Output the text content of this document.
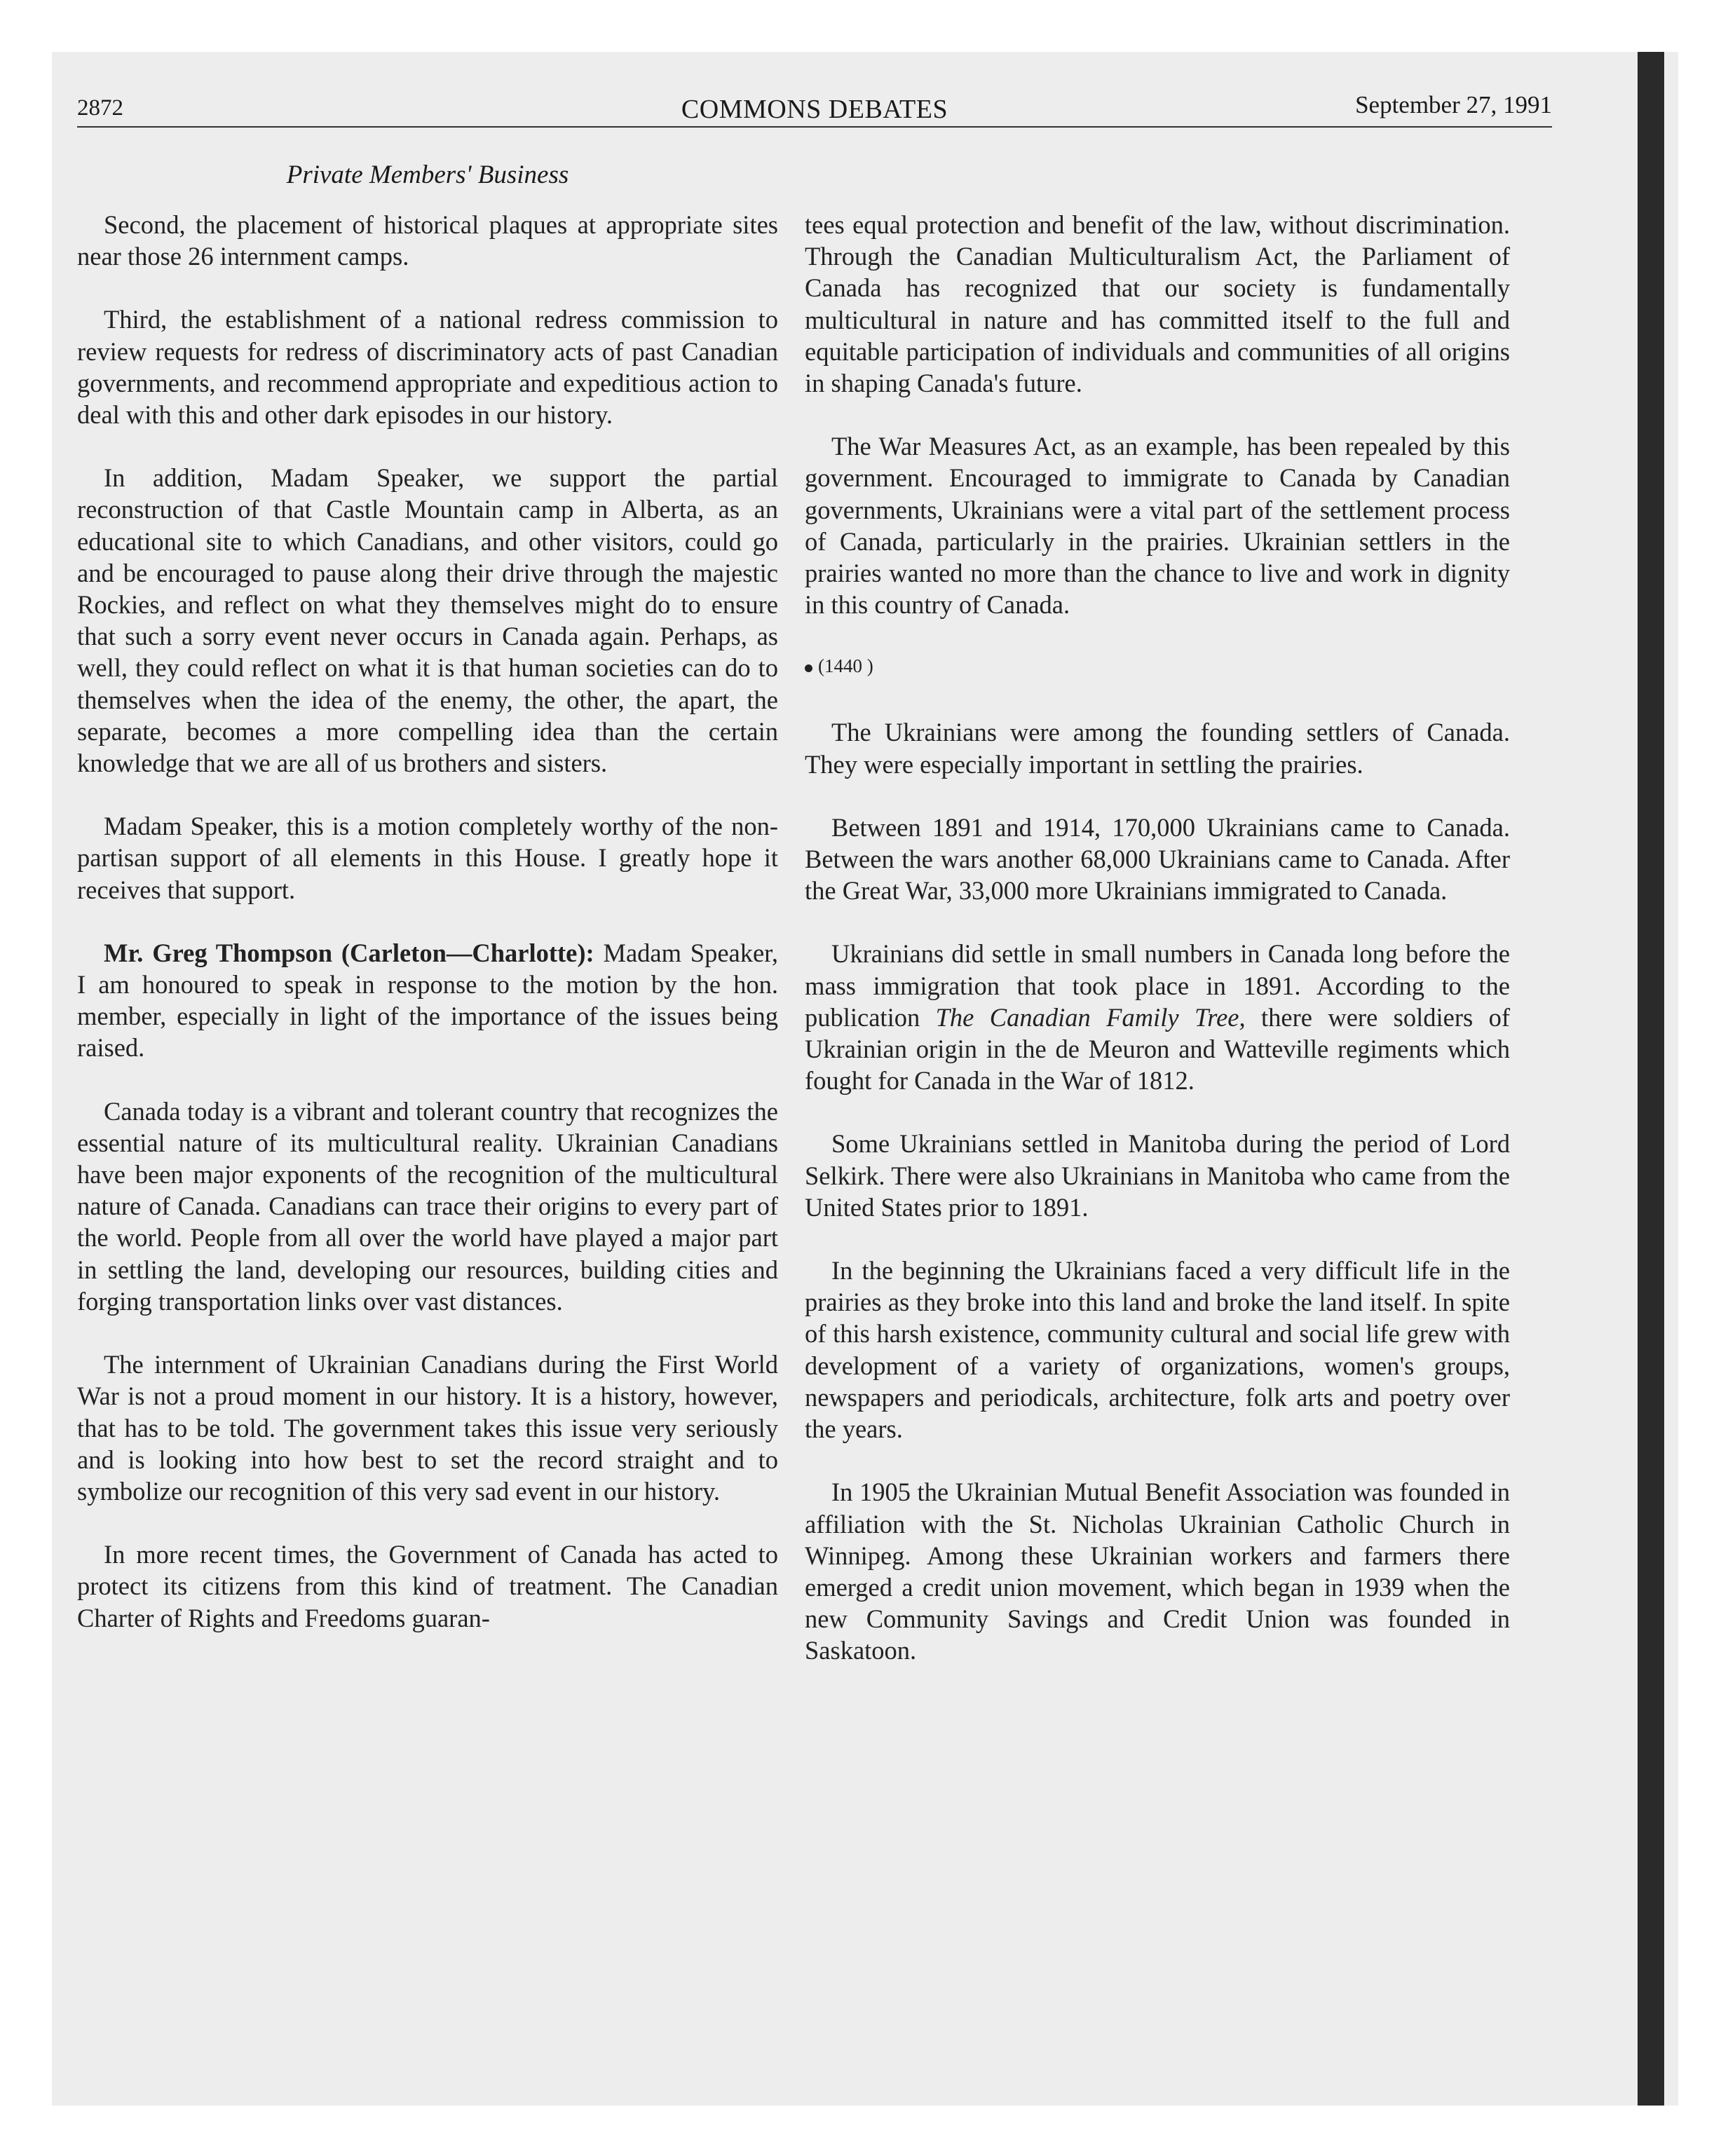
2872	COMMONS DEBATES	September 27, 1991
Private Members' Business

Second, the placement of historical plaques at appropriate sites near those 26 internment camps.

Third, the establishment of a national redress commission to review requests for redress of discriminatory acts of past Canadian governments, and recommend appropriate and expeditious action to deal with this and other dark episodes in our history.

In addition, Madam Speaker, we support the partial reconstruction of that Castle Mountain camp in Alberta, as an educational site to which Canadians, and other visitors, could go and be encouraged to pause along their drive through the majestic Rockies, and reflect on what they themselves might do to ensure that such a sorry event never occurs in Canada again. Perhaps, as well, they could reflect on what it is that human societies can do to themselves when the idea of the enemy, the other, the apart, the separate, becomes a more compelling idea than the certain knowledge that we are all of us brothers and sisters.

Madam Speaker, this is a motion completely worthy of the non-partisan support of all elements in this House. I greatly hope it receives that support.

Mr. Greg Thompson (Carleton—Charlotte): Madam Speaker, I am honoured to speak in response to the motion by the hon. member, especially in light of the importance of the issues being raised.

Canada today is a vibrant and tolerant country that recognizes the essential nature of its multicultural reality. Ukrainian Canadians have been major exponents of the recognition of the multicultural nature of Canada. Canadians can trace their origins to every part of the world. People from all over the world have played a major part in settling the land, developing our resources, building cities and forging transportation links over vast distances.

The internment of Ukrainian Canadians during the First World War is not a proud moment in our history. It is a history, however, that has to be told. The government takes this issue very seriously and is looking into how best to set the record straight and to symbolize our recognition of this very sad event in our history.

In more recent times, the Government of Canada has acted to protect its citizens from this kind of treatment. The Canadian Charter of Rights and Freedoms guaran-

tees equal protection and benefit of the law, without discrimination. Through the Canadian Multiculturalism Act, the Parliament of Canada has recognized that our society is fundamentally multicultural in nature and has committed itself to the full and equitable participation of individuals and communities of all origins in shaping Canada's future.

The War Measures Act, as an example, has been repealed by this government. Encouraged to immigrate to Canada by Canadian governments, Ukrainians were a vital part of the settlement process of Canada, particularly in the prairies. Ukrainian settlers in the prairies wanted no more than the chance to live and work in dignity in this country of Canada.

(1440 )

The Ukrainians were among the founding settlers of Canada. They were especially important in settling the prairies.

Between 1891 and 1914, 170,000 Ukrainians came to Canada. Between the wars another 68,000 Ukrainians came to Canada. After the Great War, 33,000 more Ukrainians immigrated to Canada.

Ukrainians did settle in small numbers in Canada long before the mass immigration that took place in 1891. According to the publication The Canadian Family Tree, there were soldiers of Ukrainian origin in the de Meuron and Watteville regiments which fought for Canada in the War of 1812.

Some Ukrainians settled in Manitoba during the period of Lord Selkirk. There were also Ukrainians in Manitoba who came from the United States prior to 1891.

In the beginning the Ukrainians faced a very difficult life in the prairies as they broke into this land and broke the land itself. In spite of this harsh existence, community cultural and social life grew with development of a variety of organizations, women's groups, newspapers and periodicals, architecture, folk arts and poetry over the years.

In 1905 the Ukrainian Mutual Benefit Association was founded in affiliation with the St. Nicholas Ukrainian Catholic Church in Winnipeg. Among these Ukrainian workers and farmers there emerged a credit union movement, which began in 1939 when the new Community Savings and Credit Union was founded in Saskatoon.
